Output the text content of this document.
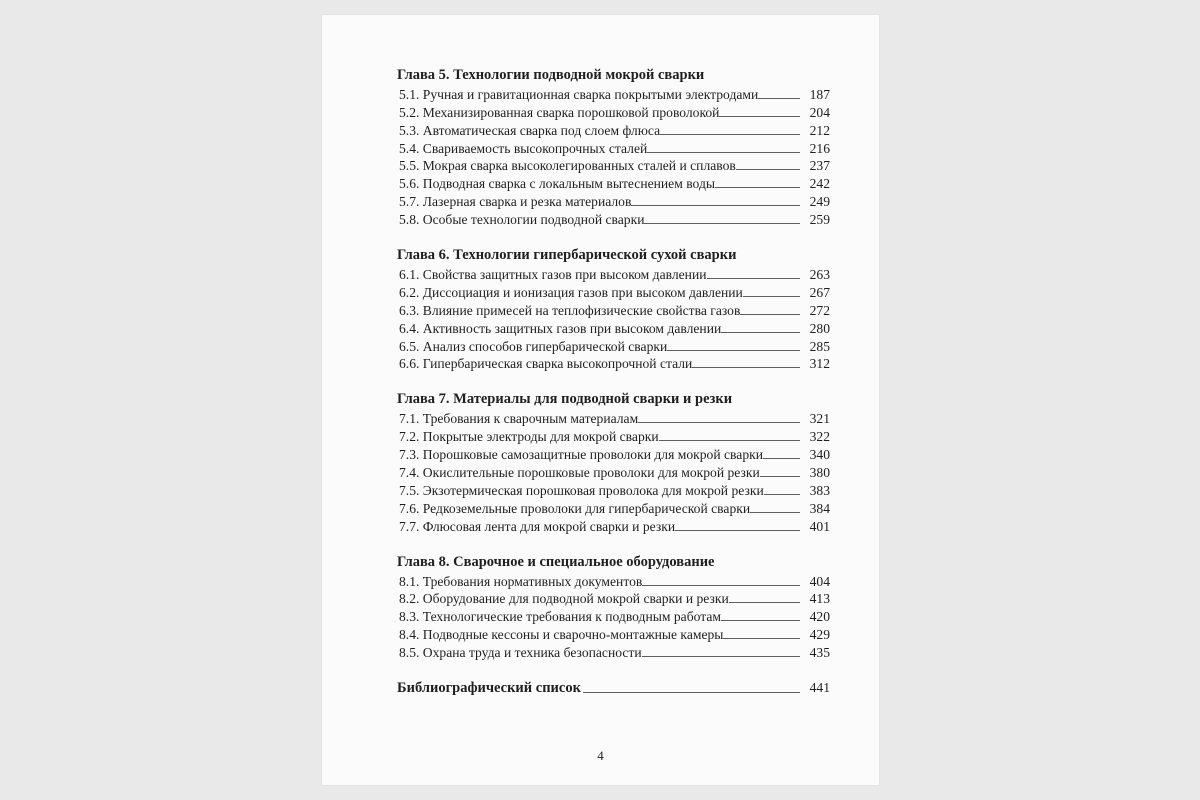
Глава 5. Технологии подводной мокрой сварки
5.1. Ручная и гравитационная сварка покрытыми электродами	187
5.2. Механизированная сварка порошковой проволокой	204
5.3. Автоматическая сварка под слоем флюса	212
5.4. Свариваемость высокопрочных сталей	216
5.5. Мокрая сварка высоколегированных сталей и сплавов	237
5.6. Подводная сварка с локальным вытеснением воды	242
5.7. Лазерная сварка и резка материалов	249
5.8. Особые технологии подводной сварки	259
Глава 6. Технологии гипербарической сухой сварки
6.1. Свойства защитных газов при высоком давлении	263
6.2. Диссоциация и ионизация газов при высоком давлении	267
6.3. Влияние примесей на теплофизические свойства газов	272
6.4. Активность защитных газов при высоком давлении	280
6.5. Анализ способов гипербарической сварки	285
6.6. Гипербарическая сварка высокопрочной стали	312
Глава 7. Материалы для подводной сварки и резки
7.1. Требования к сварочным материалам	321
7.2. Покрытые электроды для мокрой сварки	322
7.3. Порошковые самозащитные проволоки для мокрой сварки	340
7.4. Окислительные порошковые проволоки для мокрой резки	380
7.5. Экзотермическая порошковая проволока для мокрой резки	383
7.6. Редкоземельные проволоки для гипербарической сварки	384
7.7. Флюсовая лента для мокрой сварки и резки	401
Глава 8. Сварочное и специальное оборудование
8.1. Требования нормативных документов	404
8.2. Оборудование для подводной мокрой сварки и резки	413
8.3. Технологические требования к подводным работам	420
8.4. Подводные кессоны и сварочно-монтажные камеры	429
8.5. Охрана труда и техника безопасности	435
Библиографический список	441
4
